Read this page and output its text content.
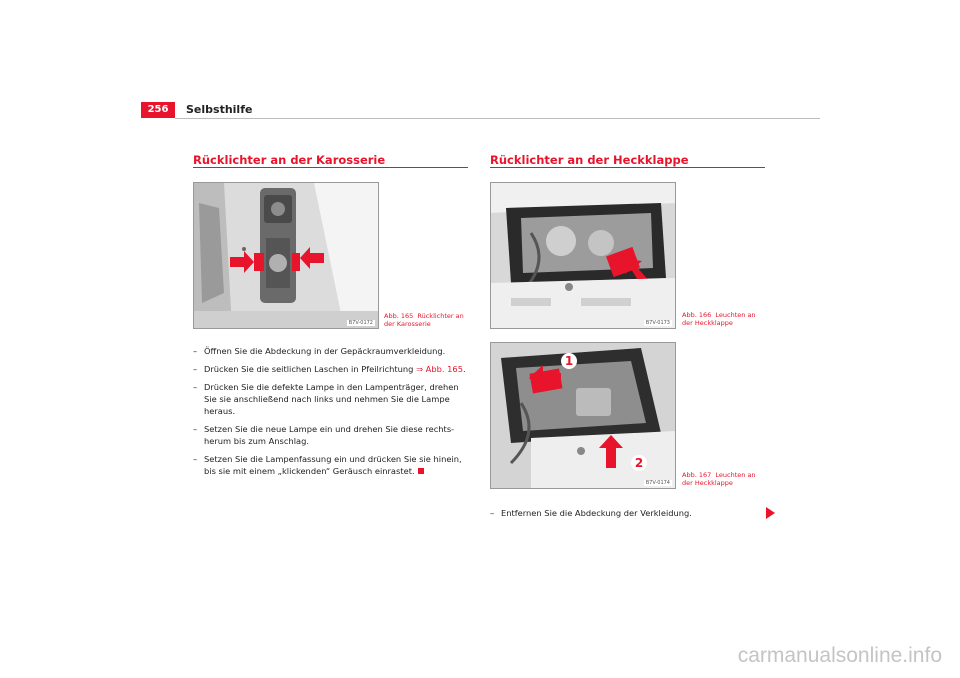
256	Selbsthilfe
Rücklichter an der Karosserie
B7V-0172
Abb. 165 Rücklichter an der Karosserie
– Öffnen Sie die Abdeckung in der Gepäckraumverkleidung.
– Drücken Sie die seitlichen Laschen in Pfeilrichtung ⇒ Abb. 165.
– Drücken Sie die defekte Lampe in den Lampenträger, drehen Sie sie anschließend nach links und nehmen Sie die Lampe heraus.
– Setzen Sie die neue Lampe ein und drehen Sie diese rechts-herum bis zum Anschlag.
– Setzen Sie die Lampenfassung ein und drücken Sie sie hinein, bis sie mit einem „klickenden“ Geräusch einrastet.
Rücklichter an der Heckklappe
B7V-0173
Abb. 166 Leuchten an der Heckklappe
1
2
B7V-0174
Abb. 167 Leuchten an der Heckklappe
– Entfernen Sie die Abdeckung der Verkleidung.
carmanualsonline.info
